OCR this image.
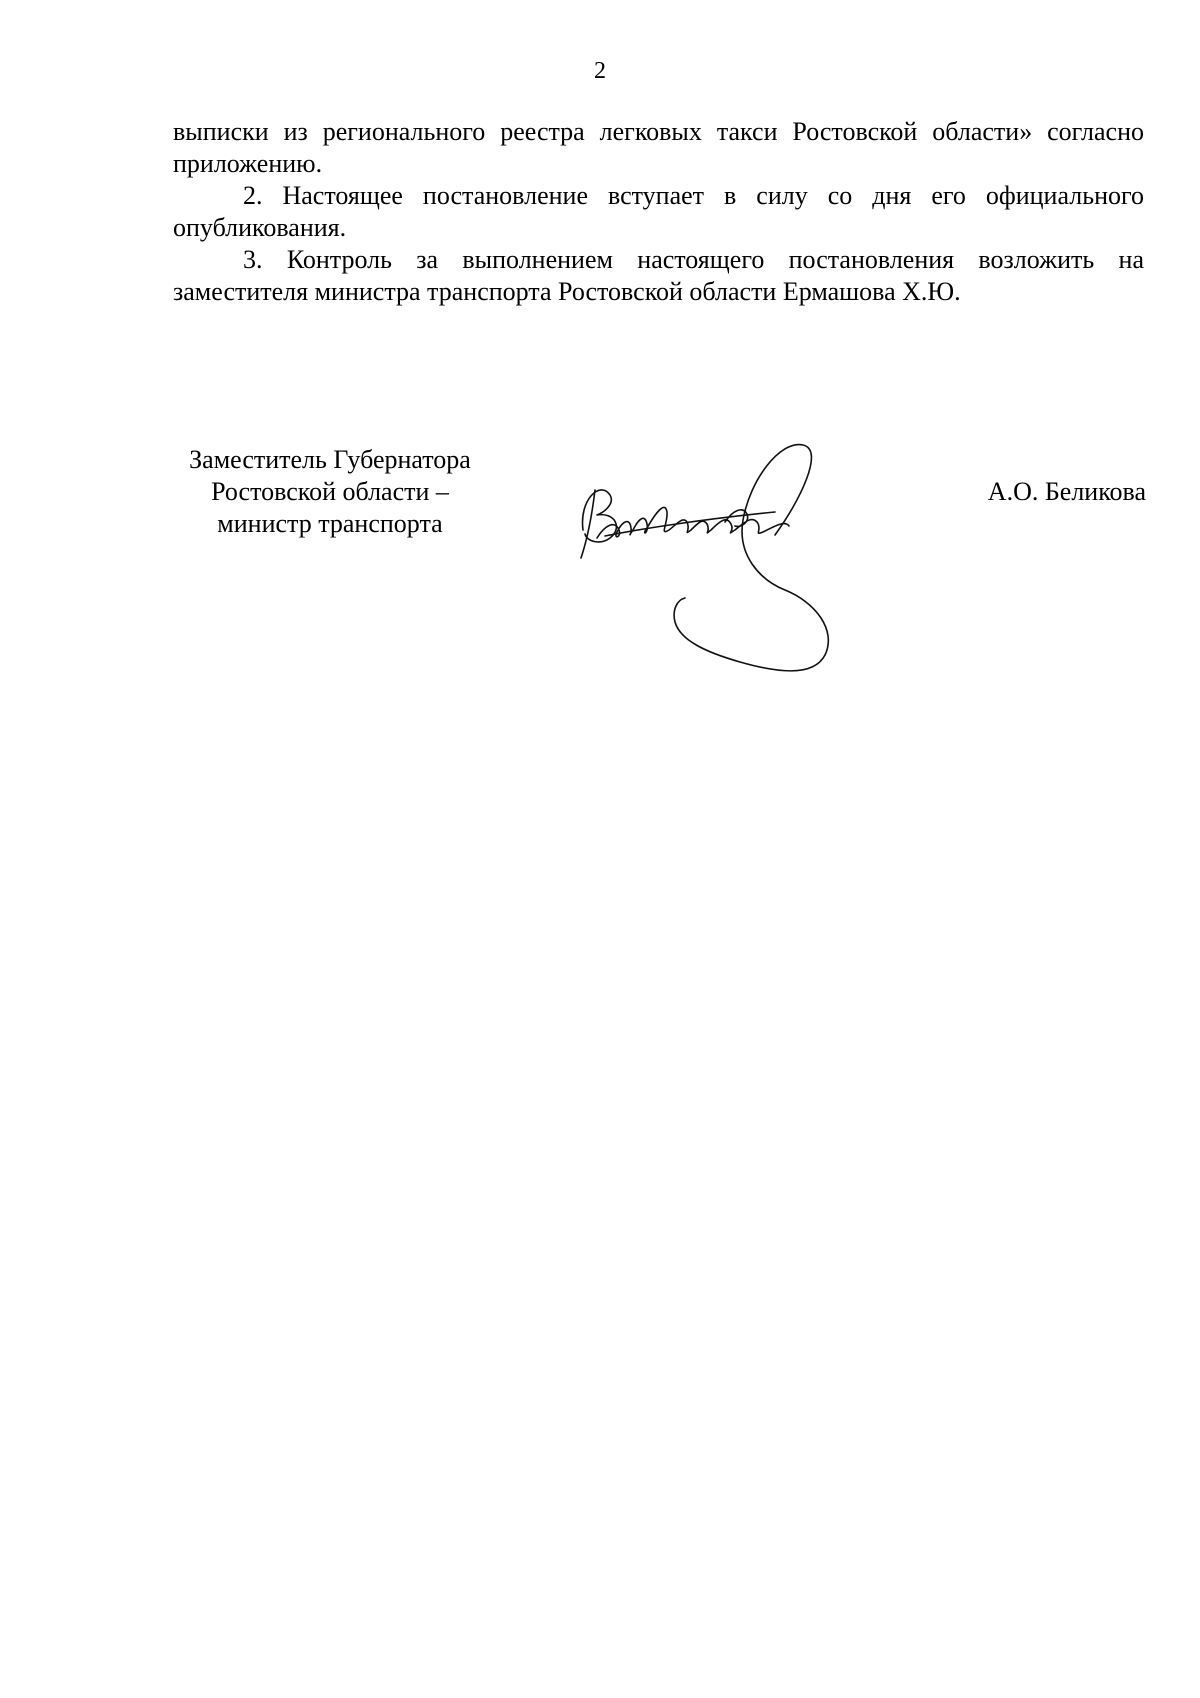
2

выписки из регионального реестра легковых такси Ростовской области» согласно приложению.

2. Настоящее постановление вступает в силу со дня его официального опубликования.

3. Контроль за выполнением настоящего постановления возложить на заместителя министра транспорта Ростовской области Ермашова Х.Ю.

Заместитель Губернатора
Ростовской области –
министр транспорта
А.О. Беликова
